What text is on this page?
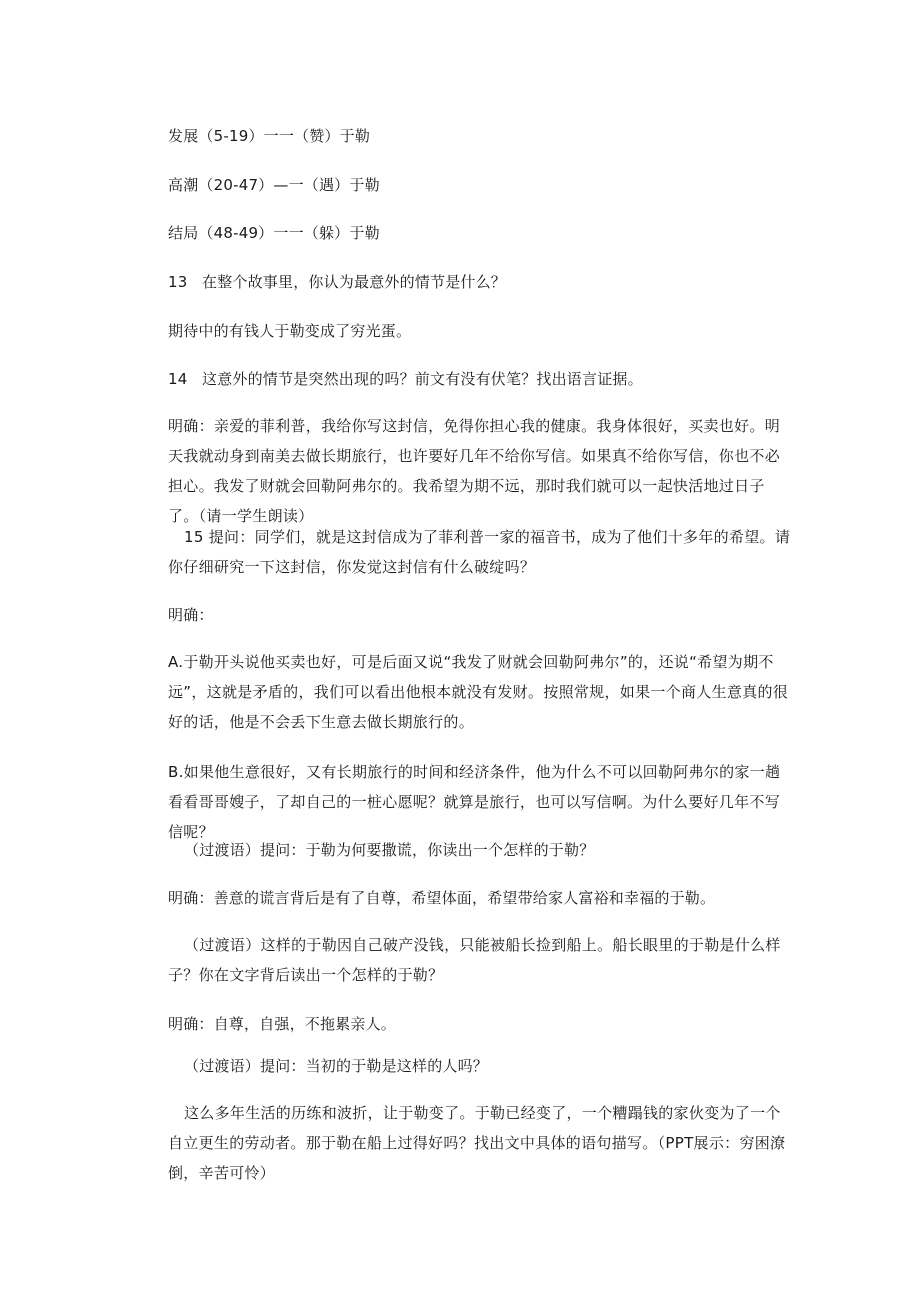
发展（5-19）一一（赞）于勒
高潮（20-47）—一（遇）于勒
结局（48-49）一一（躲）于勒
13 在整个故事里，你认为最意外的情节是什么？
期待中的有钱人于勒变成了穷光蛋。
14 这意外的情节是突然出现的吗？前文有没有伏笔？找出语言证据。
明确：亲爱的菲利普，我给你写这封信，免得你担心我的健康。我身体很好，买卖也好。明天我就动身到南美去做长期旅行，也许要好几年不给你写信。如果真不给你写信，你也不必担心。我发了财就会回勒阿弗尔的。我希望为期不远，那时我们就可以一起快活地过日子了。（请一学生朗读）
15 提问：同学们，就是这封信成为了菲利普一家的福音书，成为了他们十多年的希望。请你仔细研究一下这封信，你发觉这封信有什么破绽吗？
明确：
A.于勒开头说他买卖也好，可是后面又说“我发了财就会回勒阿弗尔”的，还说“希望为期不远”，这就是矛盾的，我们可以看出他根本就没有发财。按照常规，如果一个商人生意真的很好的话，他是不会丢下生意去做长期旅行的。
B.如果他生意很好，又有长期旅行的时间和经济条件，他为什么不可以回勒阿弗尔的家一趟看看哥哥嫂子，了却自己的一桩心愿呢？就算是旅行，也可以写信啊。为什么要好几年不写信呢？
（过渡语）提问：于勒为何要撒谎，你读出一个怎样的于勒？
明确：善意的谎言背后是有了自尊，希望体面，希望带给家人富裕和幸福的于勒。
（过渡语）这样的于勒因自己破产没钱，只能被船长捡到船上。船长眼里的于勒是什么样子？你在文字背后读出一个怎样的于勒？
明确：自尊，自强，不拖累亲人。
（过渡语）提问：当初的于勒是这样的人吗？
这么多年生活的历练和波折，让于勒变了。于勒已经变了，一个糟蹋钱的家伙变为了一个自立更生的劳动者。那于勒在船上过得好吗？找出文中具体的语句描写。（PPT展示：穷困潦倒，辛苦可怜）
